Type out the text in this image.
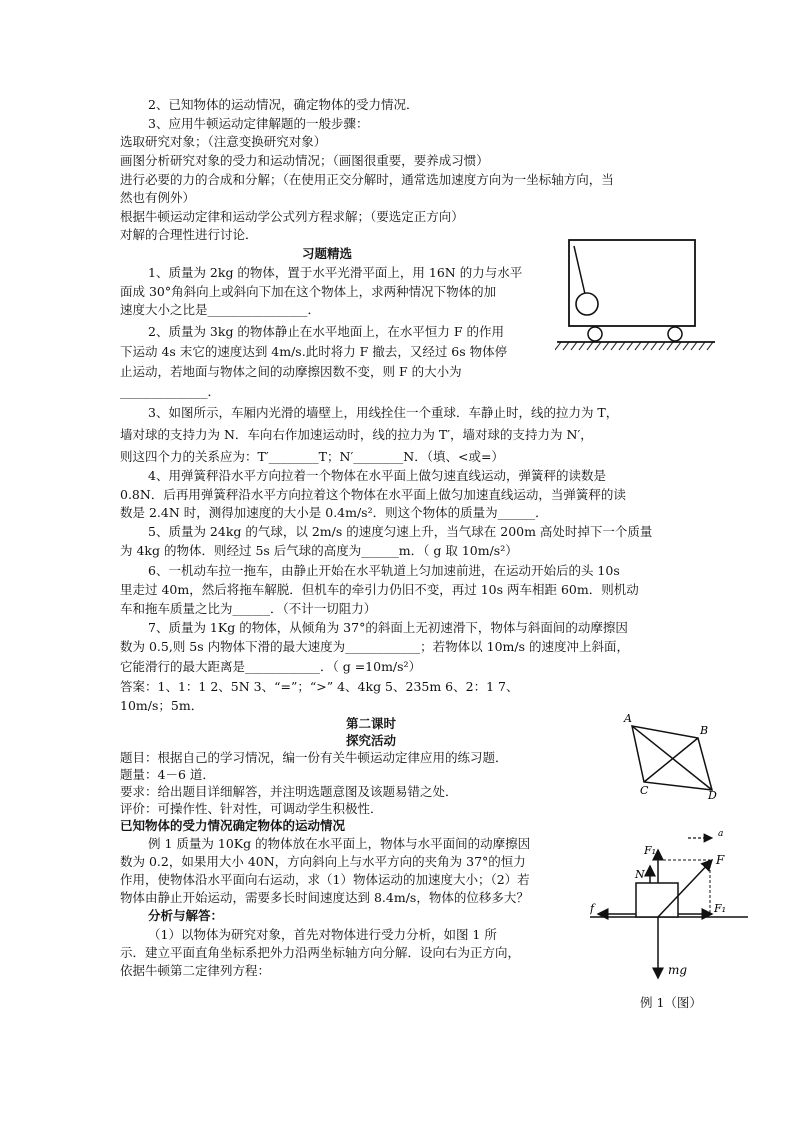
2、已知物体的运动情况，确定物体的受力情况．
3、应用牛顿运动定律解题的一般步骤：
选取研究对象；（注意变换研究对象）
画图分析研究对象的受力和运动情况；（画图很重要，要养成习惯）
进行必要的力的合成和分解；（在使用正交分解时，通常选加速度方向为一坐标轴方向，当
然也有例外）
根据牛顿运动定律和运动学公式列方程求解；（要选定正方向）
对解的合理性进行讨论．
习题精选
1、质量为 2kg 的物体，置于水平光滑平面上，用 16N 的力与水平
面成 30°角斜向上或斜向下加在这个物体上，求两种情况下物体的加
速度大小之比是________________．
2、质量为 3kg 的物体静止在水平地面上，在水平恒力 F 的作用
下运动 4s 末它的速度达到 4m/s.此时将力 F 撤去，又经过 6s 物体停
止运动，若地面与物体之间的动摩擦因数不变，则 F 的大小为
______________．
3、如图所示，车厢内光滑的墙壁上，用线拴住一个重球．车静止时，线的拉力为 T，
墙对球的支持力为 N．车向右作加速运动时，线的拉力为 T′，墙对球的支持力为 N′，
则这四个力的关系应为：T′________T；N′________N．（填、<或=）
4、用弹簧秤沿水平方向拉着一个物体在水平面上做匀速直线运动，弹簧秤的读数是
0.8N．后再用弹簧秤沿水平方向拉着这个物体在水平面上做匀加速直线运动，当弹簧秤的读
数是 2.4N 时，测得加速度的大小是 0.4m/s²．则这个物体的质量为______．
5、质量为 24kg 的气球，以 2m/s 的速度匀速上升，当气球在 200m 高处时掉下一个质量
为 4kg 的物体．则经过 5s 后气球的高度为______m．（ g 取 10m/s²）
6、一机动车拉一拖车，由静止开始在水平轨道上匀加速前进，在运动开始后的头 10s
里走过 40m，然后将拖车解脱．但机车的牵引力仍旧不变，再过 10s 两车相距 60m．则机动
车和拖车质量之比为______．（不计一切阻力）
7、质量为 1Kg 的物体，从倾角为 37°的斜面上无初速滑下，物体与斜面间的动摩擦因
数为 0.5,则 5s 内物体下滑的最大速度为____________；若物体以 10m/s 的速度冲上斜面，
它能滑行的最大距离是____________．（ g =10m/s²）
答案：1、1：1 2、5N 3、“=”；“>” 4、4kg 5、235m 6、2：1 7、
10m/s；5m．
第二课时
探究活动
题目：根据自己的学习情况，编一份有关牛顿运动定律应用的练习题．
题量：4－6 道．
要求：给出题目详细解答，并注明选题意图及该题易错之处．
评价：可操作性、针对性，可调动学生积极性．
已知物体的受力情况确定物体的运动情况
例 1 质量为 10Kg 的物体放在水平面上，物体与水平面间的动摩擦因
数为 0.2，如果用大小 40N，方向斜向上与水平方向的夹角为 37°的恒力
作用，使物体沿水平面向右运动，求（1）物体运动的加速度大小；（2）若
物体由静止开始运动，需要多长时间速度达到 8.4m/s，物体的位移多大？
分析与解答：
（1）以物体为研究对象，首先对物体进行受力分析，如图 1 所
示．建立平面直角坐标系把外力沿两坐标轴方向分解．设向右为正方向，
依据牛顿第二定律列方程：
A
B
C	D
a
F₁
N
F
F₁
f
mg
例 1（图）
